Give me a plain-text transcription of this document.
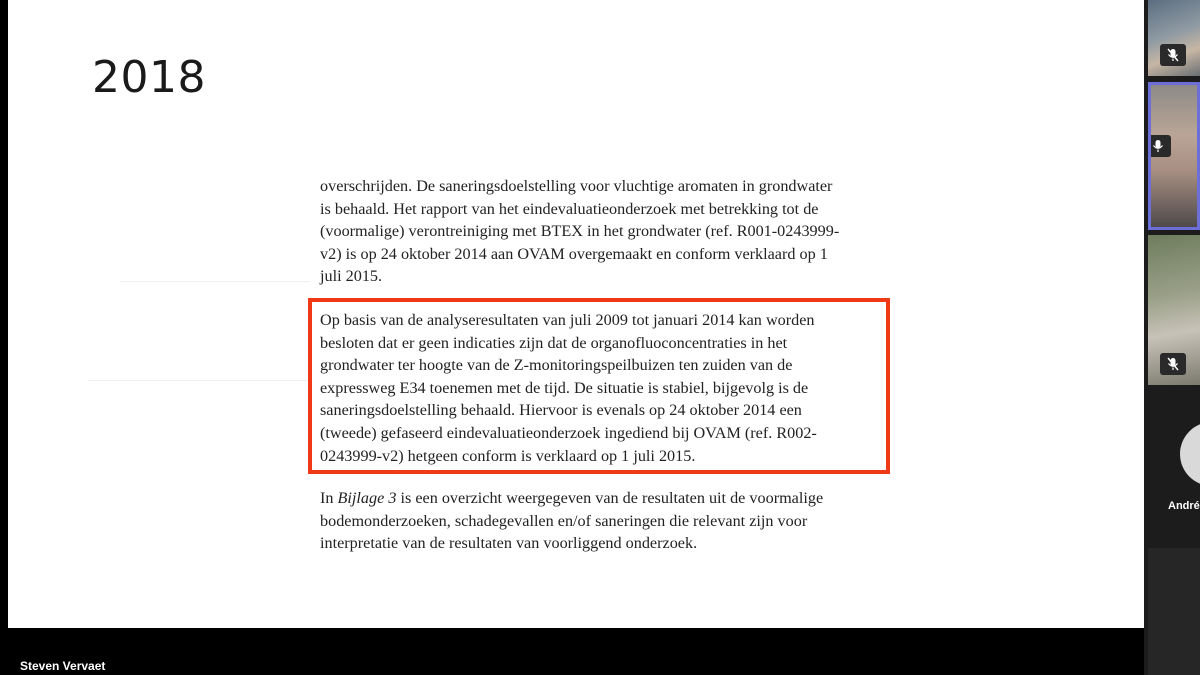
2018

overschrijden. De saneringsdoelstelling voor vluchtige aromaten in grondwater
is behaald. Het rapport van het eindevaluatieonderzoek met betrekking tot de
(voormalige) verontreiniging met BTEX in het grondwater (ref. R001-0243999-
v2) is op 24 oktober 2014 aan OVAM overgemaakt en conform verklaard op 1
juli 2015.

Op basis van de analyseresultaten van juli 2009 tot januari 2014 kan worden
besloten dat er geen indicaties zijn dat de organofluoconcentraties in het
grondwater ter hoogte van de Z-monitoringspeilbuizen ten zuiden van de
expressweg E34 toenemen met de tijd. De situatie is stabiel, bijgevolg is de
saneringsdoelstelling behaald. Hiervoor is evenals op 24 oktober 2014 een
(tweede) gefaseerd eindevaluatieonderzoek ingediend bij OVAM (ref. R002-
0243999-v2) hetgeen conform is verklaard op 1 juli 2015.

In Bijlage 3 is een overzicht weergegeven van de resultaten uit de voormalige
bodemonderzoeken, schadegevallen en/of saneringen die relevant zijn voor
interpretatie van de resultaten van voorliggend onderzoek.

Steven Vervaet
André
